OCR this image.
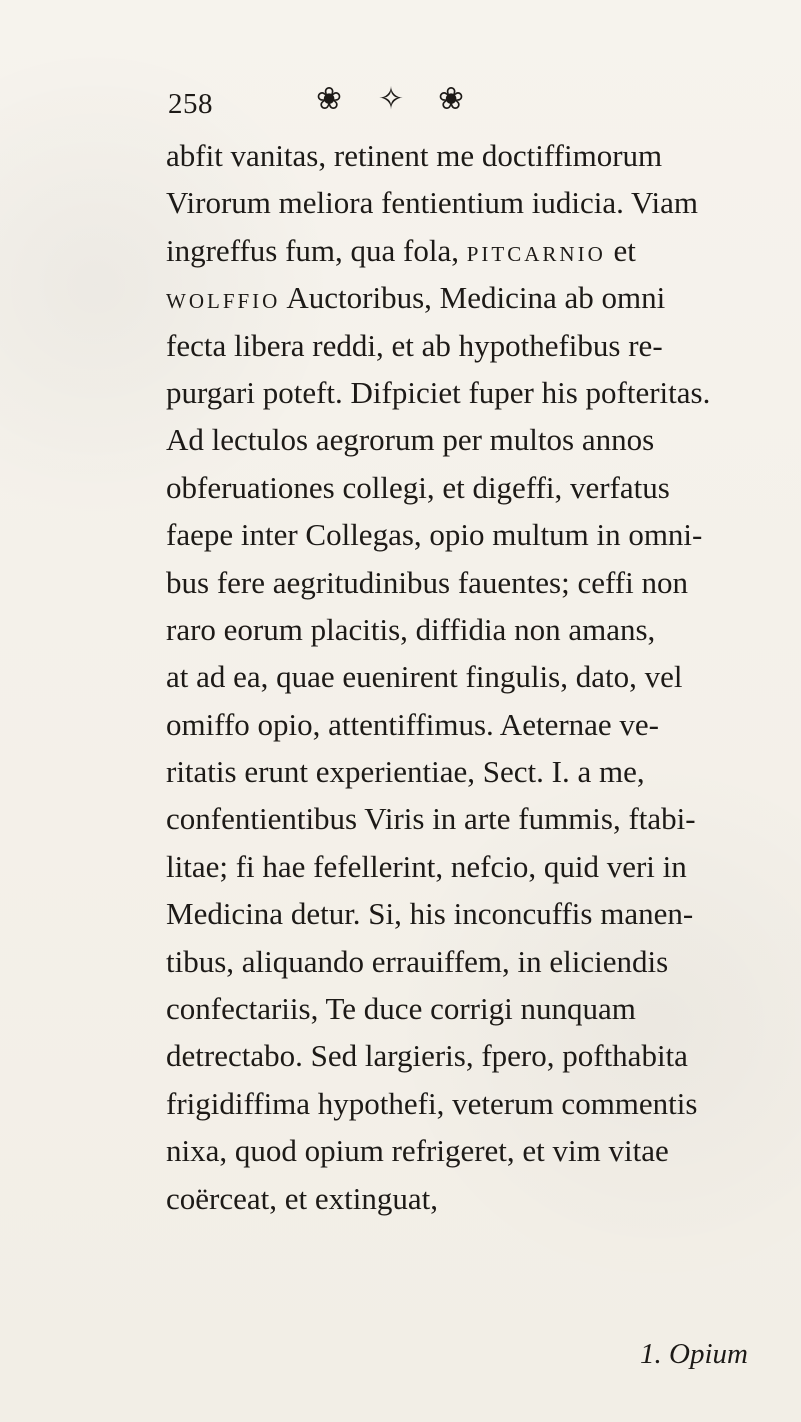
258	❀ ✧ ❀
abfit vanitas, retinent me doctiffimorum
Virorum meliora fentientium iudicia. Viam
ingreffus fum, qua fola, PITCARNIO et
WOLFFIO Auctoribus, Medicina ab omni
fecta libera reddi, et ab hypothefibus re-
purgari poteft. Difpiciet fuper his pofteritas.
Ad lectulos aegrorum per multos annos
obferuationes collegi, et digeffi, verfatus
faepe inter Collegas, opio multum in omni-
bus fere aegritudinibus fauentes; ceffi non
raro eorum placitis, diffidia non amans,
at ad ea, quae euenirent fingulis, dato, vel
omiffo opio, attentiffimus. Aeternae ve-
ritatis erunt experientiae, Sect. I. a me,
confentientibus Viris in arte fummis, ftabi-
litae; fi hae fefellerint, nefcio, quid veri in
Medicina detur. Si, his inconcuffis manen-
tibus, aliquando errauiffem, in eliciendis
confectariis, Te duce corrigi nunquam
detrectabo. Sed largieris, fpero, pofthabita
frigidiffima hypothefi, veterum commentis
nixa, quod opium refrigeret, et vim vitae
coërceat, et extinguat,
1. Opium
